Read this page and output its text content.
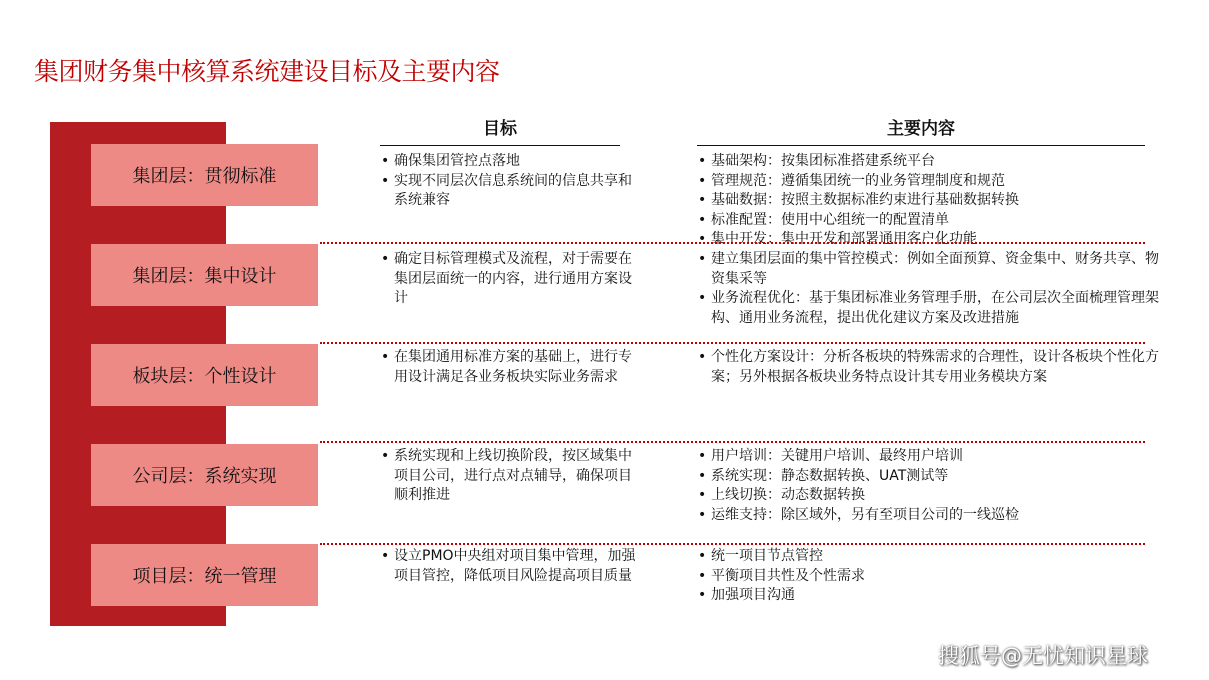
集团财务集中核算系统建设目标及主要内容
目标	主要内容
集团层：贯彻标准
• 确保集团管控点落地
• 实现不同层次信息系统间的信息共享和系统兼容
• 基础架构：按集团标准搭建系统平台
• 管理规范：遵循集团统一的业务管理制度和规范
• 基础数据：按照主数据标准约束进行基础数据转换
• 标准配置：使用中心组统一的配置清单
• 集中开发：集中开发和部署通用客户化功能
集团层：集中设计
• 确定目标管理模式及流程，对于需要在集团层面统一的内容，进行通用方案设计
• 建立集团层面的集中管控模式：例如全面预算、资金集中、财务共享、物资集采等
• 业务流程优化：基于集团标准业务管理手册，在公司层次全面梳理管理架构、通用业务流程，提出优化建议方案及改进措施
板块层：个性设计
• 在集团通用标准方案的基础上，进行专用设计满足各业务板块实际业务需求
• 个性化方案设计：分析各板块的特殊需求的合理性，设计各板块个性化方案；另外根据各板块业务特点设计其专用业务模块方案
公司层：系统实现
• 系统实现和上线切换阶段，按区域集中项目公司，进行点对点辅导，确保项目顺利推进
• 用户培训：关键用户培训、最终用户培训
• 系统实现：静态数据转换、UAT测试等
• 上线切换：动态数据转换
• 运维支持：除区域外，另有至项目公司的一线巡检
项目层：统一管理
• 设立PMO中央组对项目集中管理，加强项目管控，降低项目风险提高项目质量
• 统一项目节点管控
• 平衡项目共性及个性需求
• 加强项目沟通
搜狐号@无忧知识星球
